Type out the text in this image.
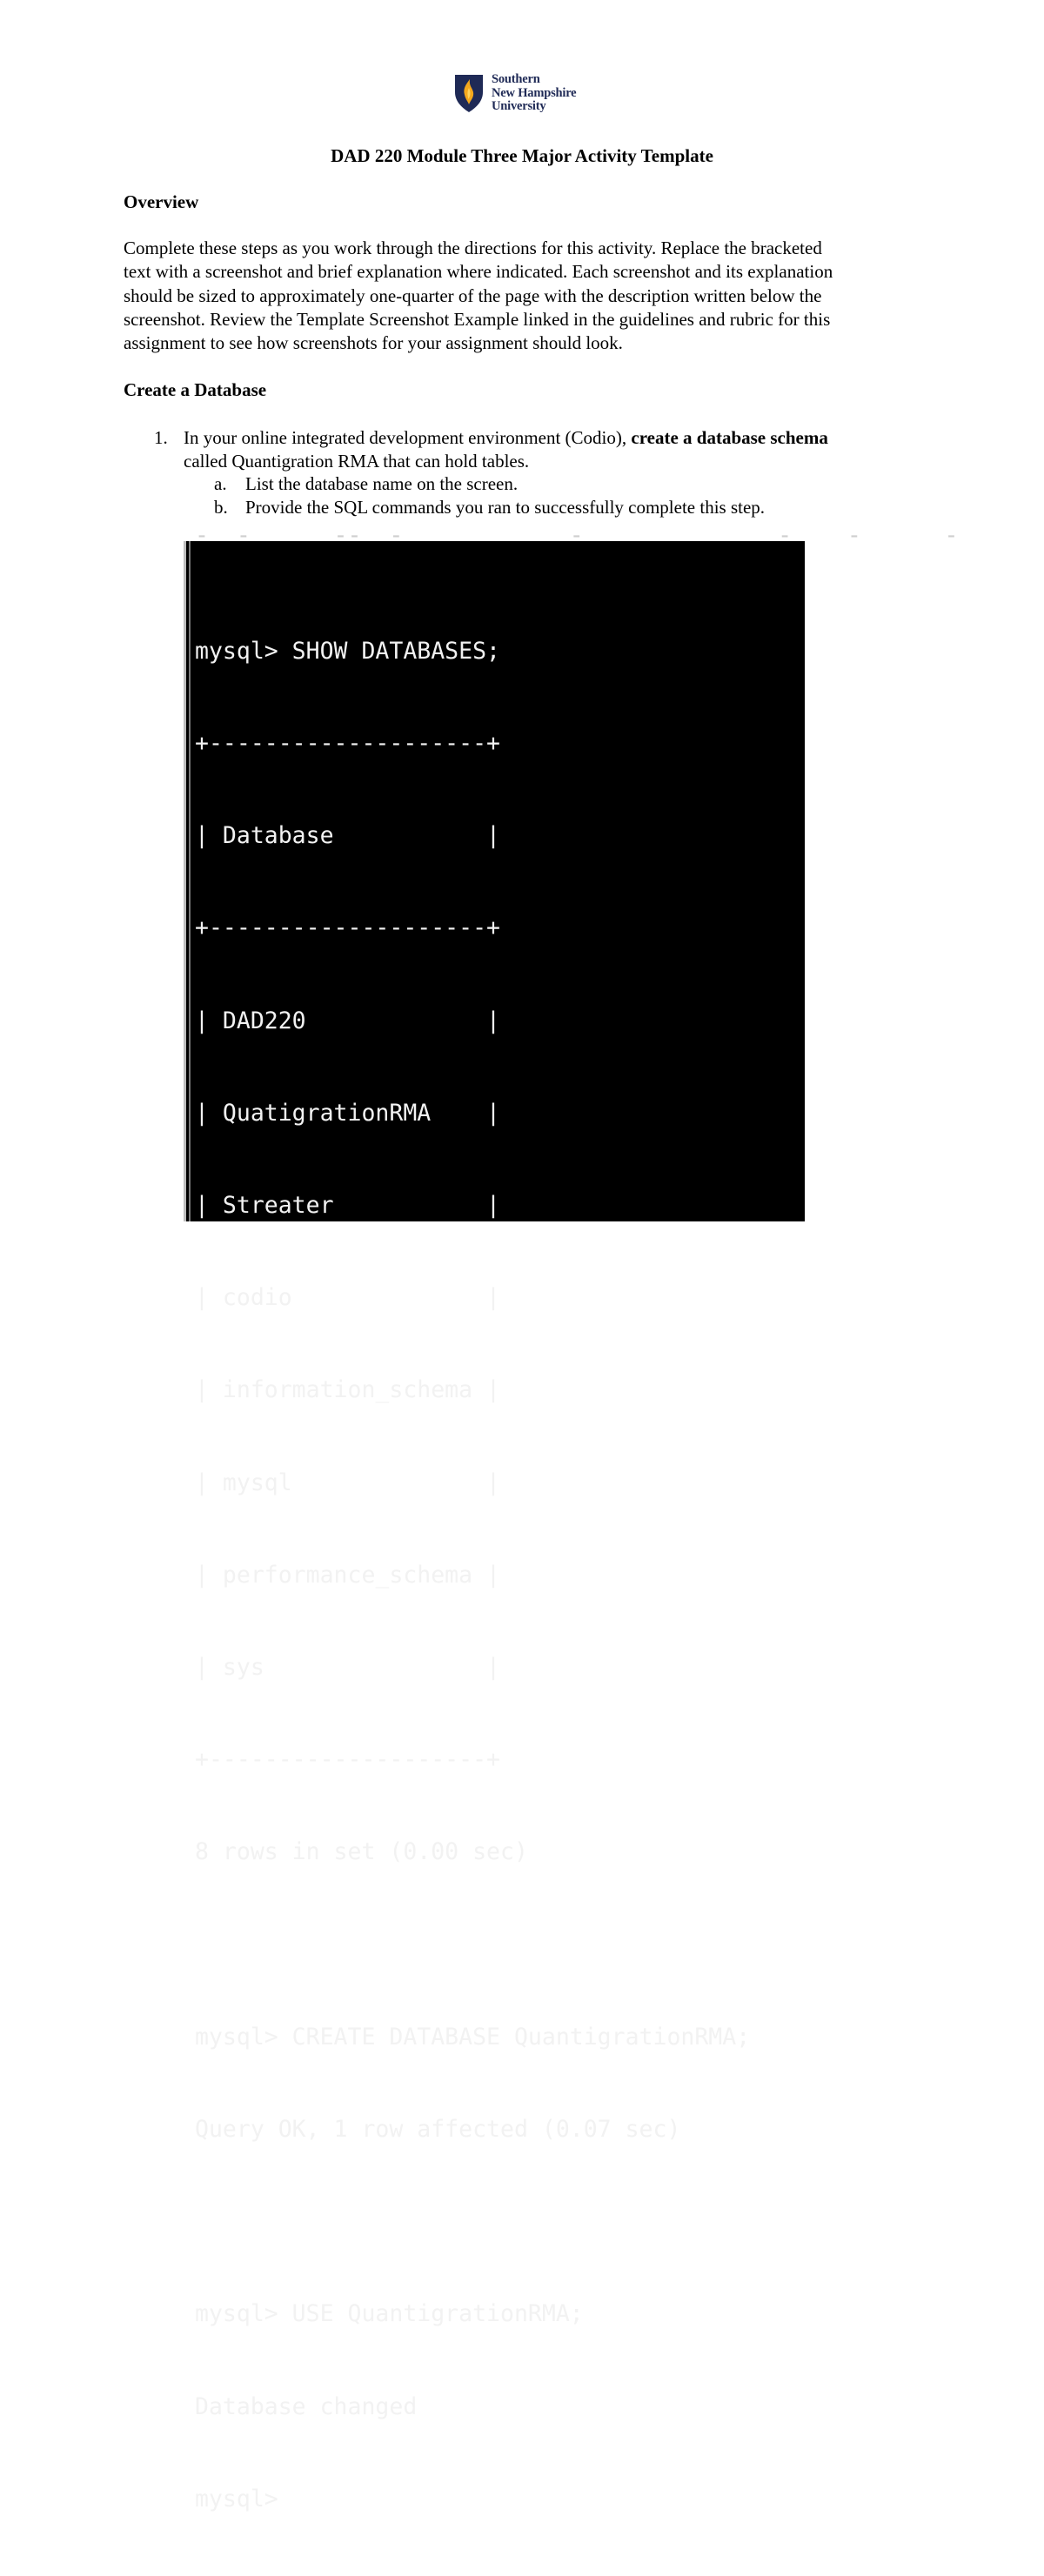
Southern
New Hampshire
University
DAD 220 Module Three Major Activity Template
Overview
Complete these steps as you work through the directions for this activity. Replace the bracketed
text with a screenshot and brief explanation where indicated. Each screenshot and its explanation
should be sized to approximately one-quarter of the page with the description written below the
screenshot. Review the Template Screenshot Example linked in the guidelines and rubric for this
assignment to see how screenshots for your assignment should look.
Create a Database
1. In your online integrated development environment (Codio), create a database schema
called Quantigration RMA that can hold tables.
a. List the database name on the screen.
b. Provide the SQL commands you ran to successfully complete this step.
‐  ‐      ‐‐  ‐            ‐              ‐    ‐      ‐

mysql> SHOW DATABASES;

+--------------------+

| Database           |

+--------------------+

| DAD220             |

| QuatigrationRMA    |

| Streater           |

| codio              |

| information_schema |

| mysql              |

| performance_schema |

| sys                |

+--------------------+

8 rows in set (0.00 sec)

mysql> CREATE DATABASE QuantigrationRMA;

Query OK, 1 row affected (0.07 sec)

mysql> USE QuantigrationRMA;

Database changed

mysql>
